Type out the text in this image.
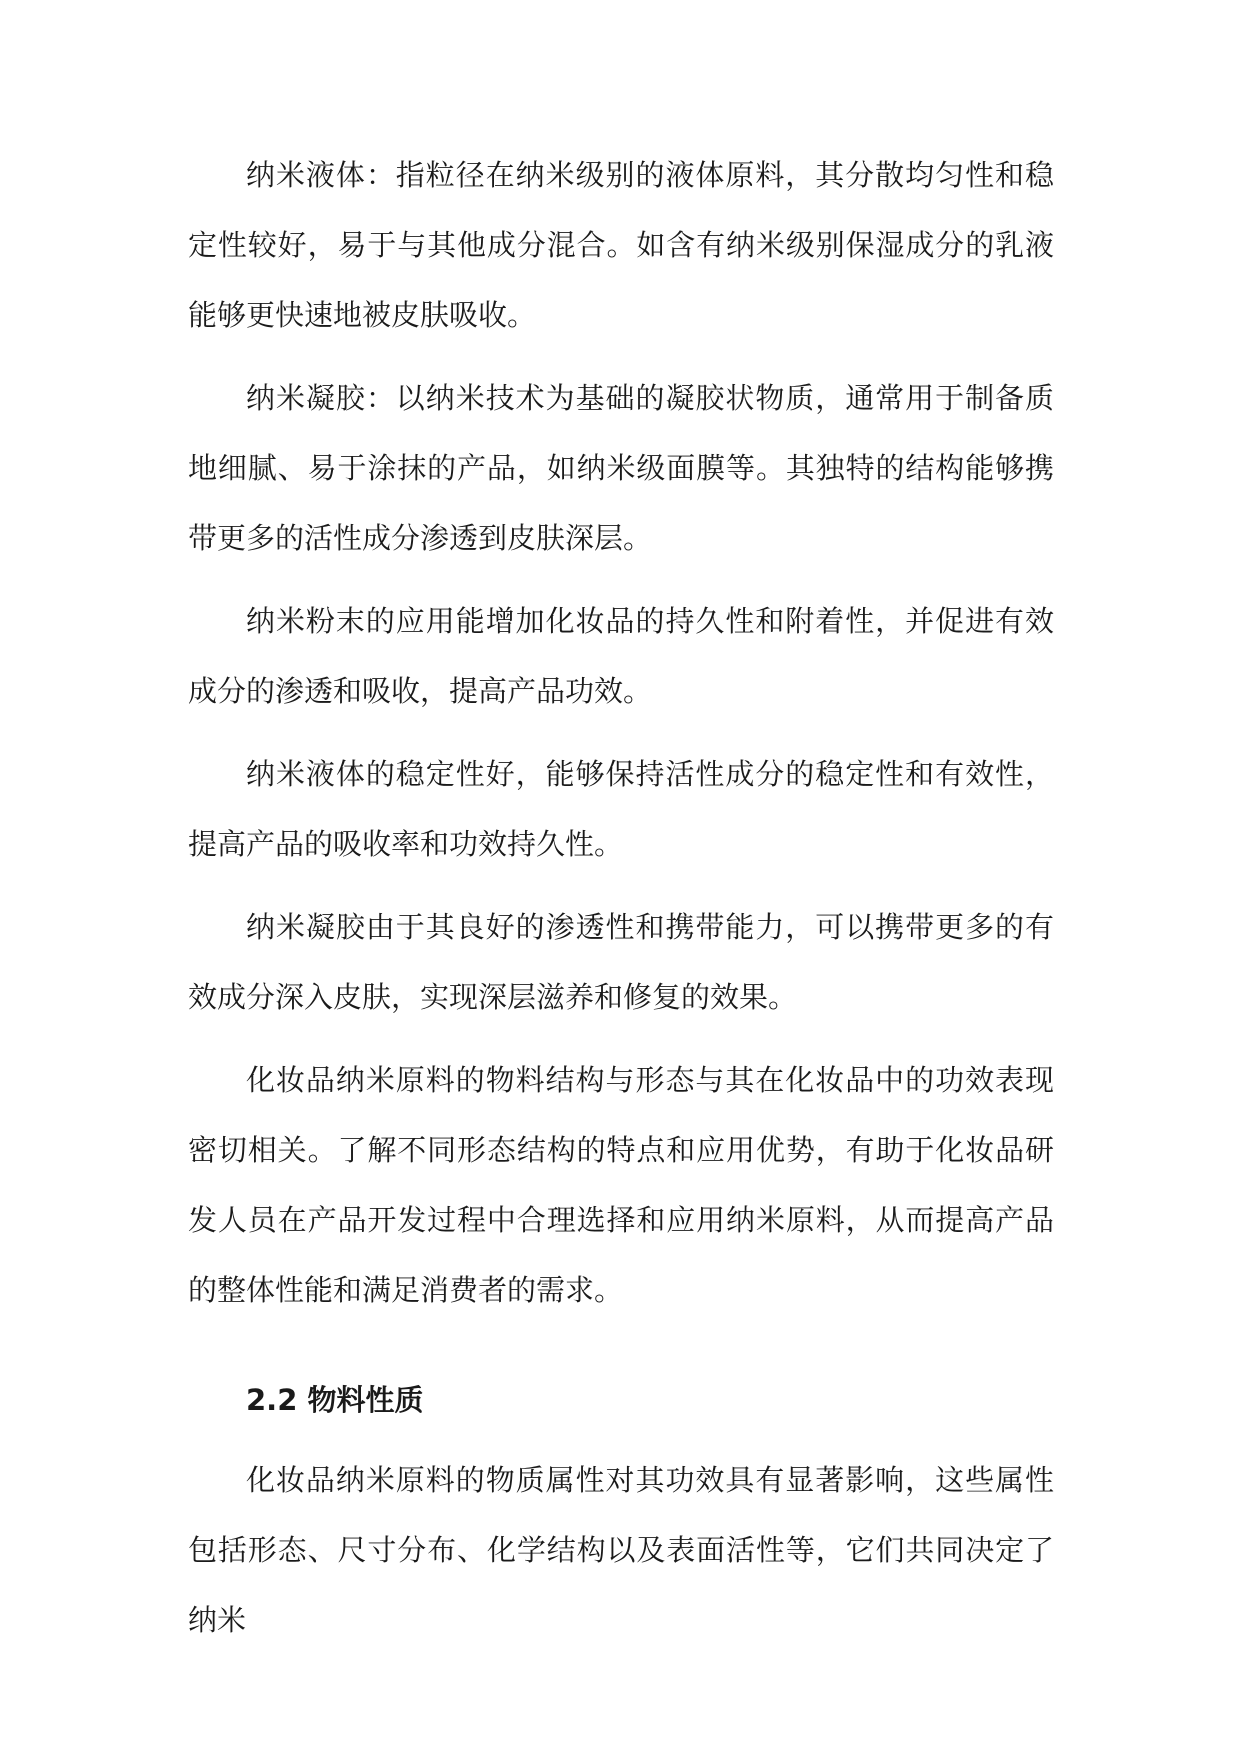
纳米液体：指粒径在纳米级别的液体原料，其分散均匀性和稳定性较好，易于与其他成分混合。如含有纳米级别保湿成分的乳液能够更快速地被皮肤吸收。

纳米凝胶：以纳米技术为基础的凝胶状物质，通常用于制备质地细腻、易于涂抹的产品，如纳米级面膜等。其独特的结构能够携带更多的活性成分渗透到皮肤深层。

纳米粉末的应用能增加化妆品的持久性和附着性，并促进有效成分的渗透和吸收，提高产品功效。

纳米液体的稳定性好，能够保持活性成分的稳定性和有效性，提高产品的吸收率和功效持久性。

纳米凝胶由于其良好的渗透性和携带能力，可以携带更多的有效成分深入皮肤，实现深层滋养和修复的效果。

化妆品纳米原料的物料结构与形态与其在化妆品中的功效表现密切相关。了解不同形态结构的特点和应用优势，有助于化妆品研发人员在产品开发过程中合理选择和应用纳米原料，从而提高产品的整体性能和满足消费者的需求。

2.2 物料性质

化妆品纳米原料的物质属性对其功效具有显著影响，这些属性包括形态、尺寸分布、化学结构以及表面活性等，它们共同决定了纳米
